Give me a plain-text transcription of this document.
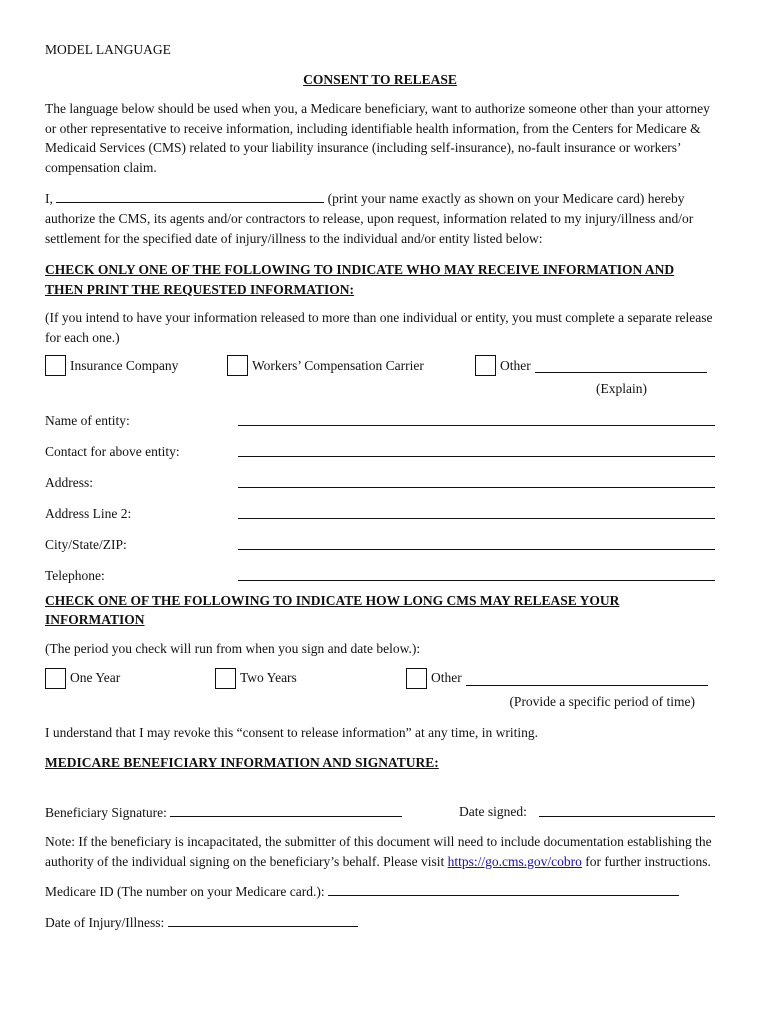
MODEL LANGUAGE
CONSENT TO RELEASE
The language below should be used when you, a Medicare beneficiary, want to authorize someone other than your attorney or other representative to receive information, including identifiable health information, from the Centers for Medicare & Medicaid Services (CMS) related to your liability insurance (including self-insurance), no-fault insurance or workers’ compensation claim.
I,	(print your name exactly as shown on your Medicare card) hereby authorize the CMS, its agents and/or contractors to release, upon request, information related to my injury/illness and/or settlement for the specified date of injury/illness to the individual and/or entity listed below:
CHECK ONLY ONE OF THE FOLLOWING TO INDICATE WHO MAY RECEIVE INFORMATION AND THEN PRINT THE REQUESTED INFORMATION:
(If you intend to have your information released to more than one individual or entity, you must complete a separate release for each one.)
Insurance Company	Workers’ Compensation Carrier	Other
(Explain)
Name of entity:
Contact for above entity:
Address:
Address Line 2:
City/State/ZIP:
Telephone:
CHECK ONE OF THE FOLLOWING TO INDICATE HOW LONG CMS MAY RELEASE YOUR INFORMATION
(The period you check will run from when you sign and date below.):
One Year	Two Years	Other
(Provide a specific period of time)
I understand that I may revoke this “consent to release information” at any time, in writing.
MEDICARE BENEFICIARY INFORMATION AND SIGNATURE:
Beneficiary Signature:	Date signed:
Note: If the beneficiary is incapacitated, the submitter of this document will need to include documentation establishing the authority of the individual signing on the beneficiary’s behalf. Please visit https://go.cms.gov/cobro for further instructions.
Medicare ID (The number on your Medicare card.):
Date of Injury/Illness:
